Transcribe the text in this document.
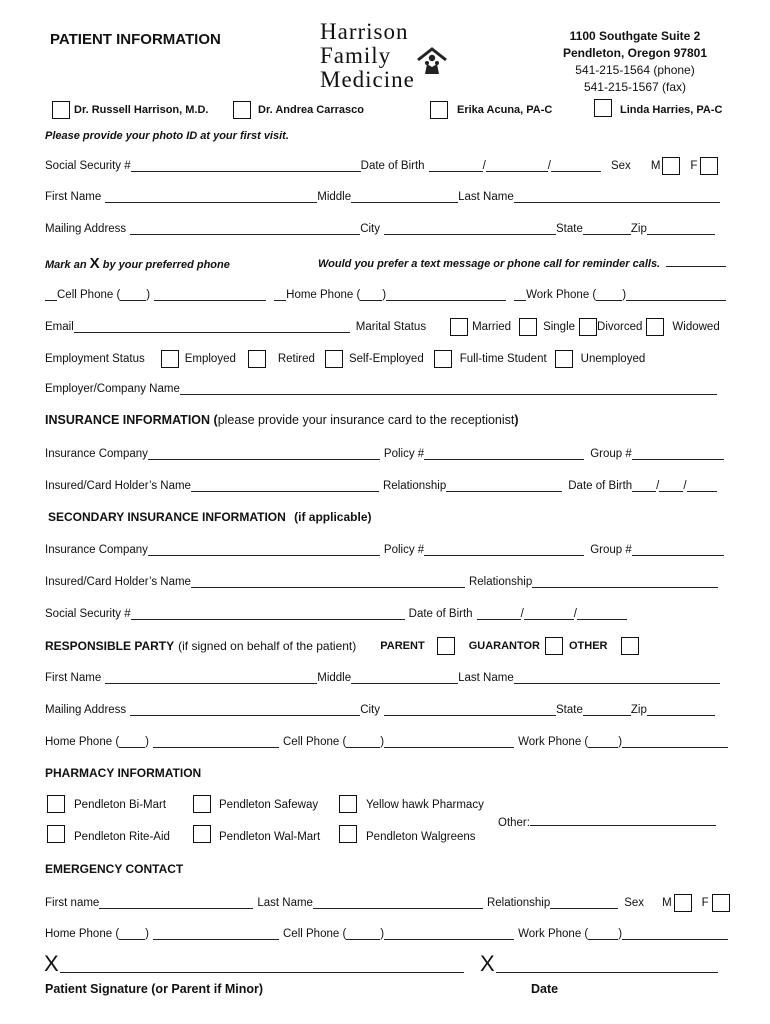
PATIENT INFORMATION	Harrison
Family
Medicine
1100 Southgate Suite 2
Pendleton, Oregon 97801
541-215-1564 (phone)
541-215-1567 (fax)
Dr. Russell Harrison, M.D.	Dr. Andrea Carrasco	Erika Acuna, PA-C	Linda Harries, PA-C
Please provide your photo ID at your first visit.
Social Security #	Date of Birth	/	/	Sex M	F
First Name	Middle	Last Name
Mailing Address	City	State	Zip
Mark an X by your preferred phone	Would you prefer a text message or phone call for reminder calls.
Cell Phone ( )	Home Phone ( )	Work Phone ( )
Email	Marital Status	Married	Single Divorced	Widowed
Employment Status	Employed	Retired	Self-Employed	Full-time Student	Unemployed
Employer/Company Name
INSURANCE INFORMATION (please provide your insurance card to the receptionist)
Insurance Company	Policy #	Group #
Insured/Card Holder’s Name	Relationship	Date of Birth / /
SECONDARY INSURANCE INFORMATION (if applicable)
Insurance Company	Policy #	Group #
Insured/Card Holder’s Name	Relationship
Social Security #	Date of Birth	/	/
RESPONSIBLE PARTY (if signed on behalf of the patient) PARENT	GUARANTOR	OTHER
First Name	Middle	Last Name
Mailing Address	City	State	Zip
Home Phone ( )	Cell Phone (	)	Work Phone (	)
PHARMACY INFORMATION
Pendleton Bi-Mart	Pendleton Safeway	Yellow hawk Pharmacy
Pendleton Rite-Aid	Pendleton Wal-Mart	Pendleton Walgreens
Other:
EMERGENCY CONTACT
First name	Last Name	Relationship	Sex M	F
Home Phone ( )	Cell Phone (	)	Work Phone (	)
X	X
Patient Signature (or Parent if Minor)	Date
